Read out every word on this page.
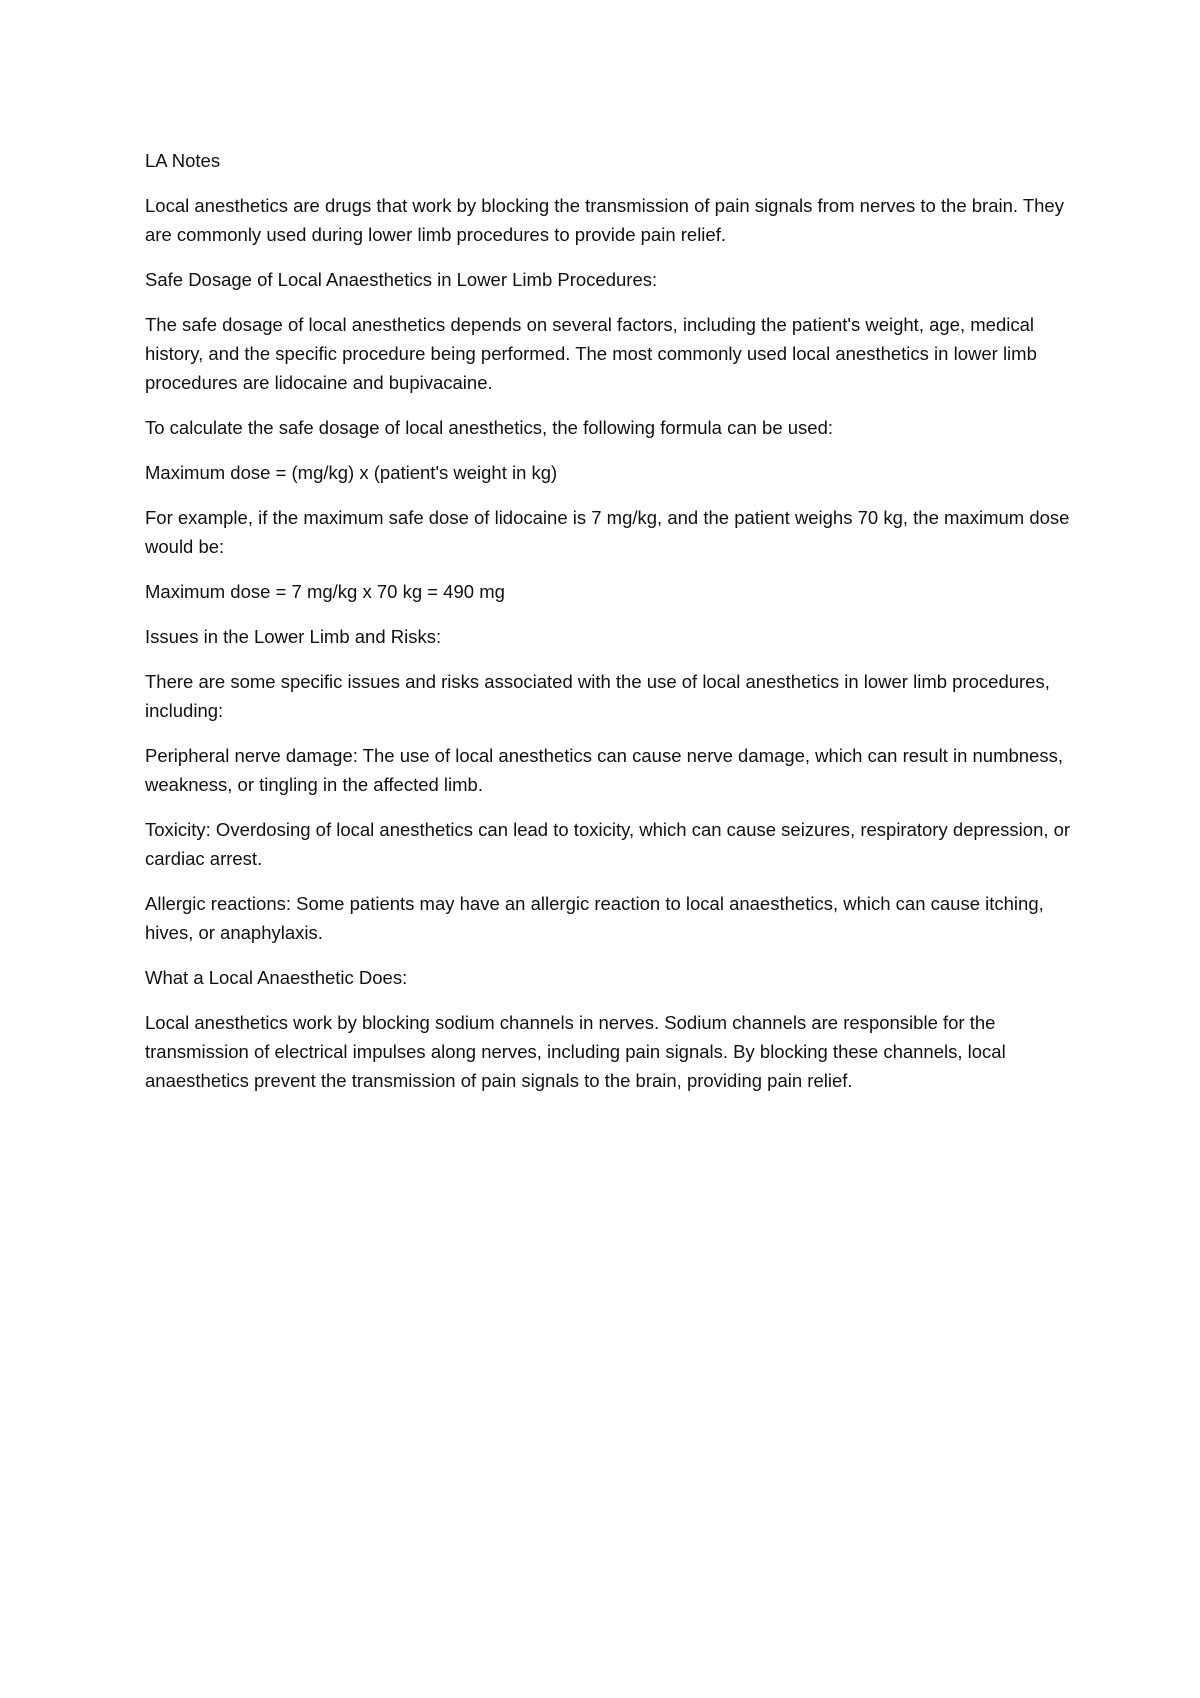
LA Notes

Local anesthetics are drugs that work by blocking the transmission of pain signals from nerves to the brain. They are commonly used during lower limb procedures to provide pain relief.

Safe Dosage of Local Anaesthetics in Lower Limb Procedures:

The safe dosage of local anesthetics depends on several factors, including the patient's weight, age, medical history, and the specific procedure being performed. The most commonly used local anesthetics in lower limb procedures are lidocaine and bupivacaine.

To calculate the safe dosage of local anesthetics, the following formula can be used:

Maximum dose = (mg/kg) x (patient's weight in kg)

For example, if the maximum safe dose of lidocaine is 7 mg/kg, and the patient weighs 70 kg, the maximum dose would be:

Maximum dose = 7 mg/kg x 70 kg = 490 mg

Issues in the Lower Limb and Risks:

There are some specific issues and risks associated with the use of local anesthetics in lower limb procedures, including:

Peripheral nerve damage: The use of local anesthetics can cause nerve damage, which can result in numbness, weakness, or tingling in the affected limb.

Toxicity: Overdosing of local anesthetics can lead to toxicity, which can cause seizures, respiratory depression, or cardiac arrest.

Allergic reactions: Some patients may have an allergic reaction to local anaesthetics, which can cause itching, hives, or anaphylaxis.

What a Local Anaesthetic Does:

Local anesthetics work by blocking sodium channels in nerves. Sodium channels are responsible for the transmission of electrical impulses along nerves, including pain signals. By blocking these channels, local anaesthetics prevent the transmission of pain signals to the brain, providing pain relief.
